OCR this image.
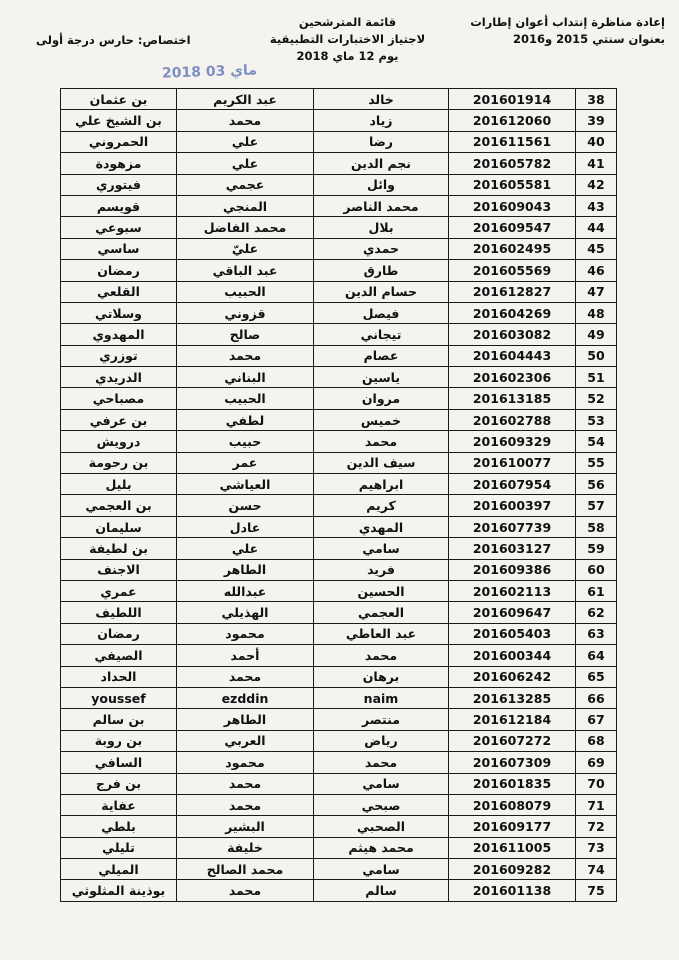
إعادة مناظرة إنتداب أعوان إطارات
بعنوان سنتي 2015 و2016
قائمة المترشحين
لاجتياز الاختبارات التطبيقية
يوم 12 ماي 2018
اختصاص: حارس درجة أولى
2018 ماي 03
38	201601914	خالد	عبد الكريم	بن عثمان
39	201612060	زياد	محمد	بن الشيخ علي
40	201611561	رضا	علي	الحمروني
41	201605782	نجم الدين	علي	مزهودة
42	201605581	وائل	عجمي	فيتوري
43	201609043	محمد الناصر	المنجي	قويسم
44	201609547	بلال	محمد الفاضل	سبوعي
45	201602495	حمدي	عليّ	ساسي
46	201605569	طارق	عبد الباقي	رمضان
47	201612827	حسام الدين	الحبيب	القلعي
48	201604269	فيصل	قزوني	وسلاتي
49	201603082	تيجاني	صالح	المهدوي
50	201604443	عصام	محمد	توزري
51	201602306	ياسين	البناني	الدريدي
52	201613185	مروان	الحبيب	مصباحي
53	201602788	خميس	لطفي	بن عرفي
54	201609329	محمد	حبيب	درويش
55	201610077	سيف الدين	عمر	بن رحومة
56	201607954	ابراهيم	العياشي	بليل
57	201600397	كريم	حسن	بن العجمي
58	201607739	المهدي	عادل	سليمان
59	201603127	سامي	علي	بن لطيفة
60	201609386	فريد	الطاهر	الاجنف
61	201602113	الحسين	عبدالله	عمري
62	201609647	العجمي	الهذيلي	اللطيف
63	201605403	عبد العاطي	محمود	رمضان
64	201600344	محمد	أحمد	الصيفي
65	201606242	برهان	محمد	الحداد
66	201613285	naim	ezddin	youssef
67	201612184	منتصر	الطاهر	بن سالم
68	201607272	رياض	العربي	بن روبة
69	201607309	محمد	محمود	السافي
70	201601835	سامي	محمد	بن فرج
71	201608079	صبحي	محمد	عفاية
72	201609177	الصحبي	البشير	بلطي
73	201611005	محمد هيثم	خليفة	تليلي
74	201609282	سامي	محمد الصالح	الميلي
75	201601138	سالم	محمد	بوذينة المثلوثي
